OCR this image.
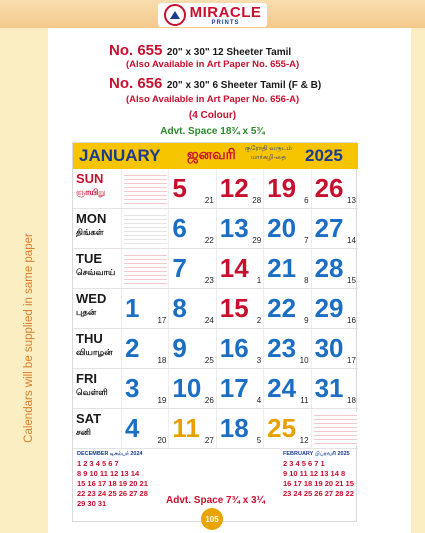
MIRACLE
PRINTS
Calendars will be supplied in same paper
No. 655 20" x 30" 12 Sheeter Tamil
(Also Available in Art Paper No. 655-A)
No. 656 20" x 30" 6 Sheeter Tamil (F & B)
(Also Available in Art Paper No. 656-A)
(4 Colour)
Advt. Space 18¾ x 5¾
JANUARY ஜனவரி குரோதி வருடம்
மார்கழி-தை	2025
SUN
ஞாயிறு
MON
திங்கள்
TUE
செவ்வாய்
WED
புதன்
THU
வியாழன்
FRI
வெள்ளி
SAT
சனி
5 21 12 28 19 6 26 13
6 22 13 29 20 7 27 14
7 23 14 1 21 8 28 15
1 17 8 24 15 2 22 9 29 16
2 18 9 25 16 3 23 10 30 17
3 19 10 26 17 4 24 11 31 18
4 20 11 27 18 5 25 12
DECEMBER டிசம்பர் 2024
1 2 3 4 5 6 7
8 9 10 11 12 13 14
15 16 17 18 19 20 21
22 23 24 25 26 27 28
29 30 31	Advt. Space 7¾ x 3¼
FEBRUARY பிப்ரவரி 2025
2 3 4 5 6 7 1
9 10 11 12 13 14 8
16 17 18 19 20 21 15
23 24 25 26 27 28 22
105
